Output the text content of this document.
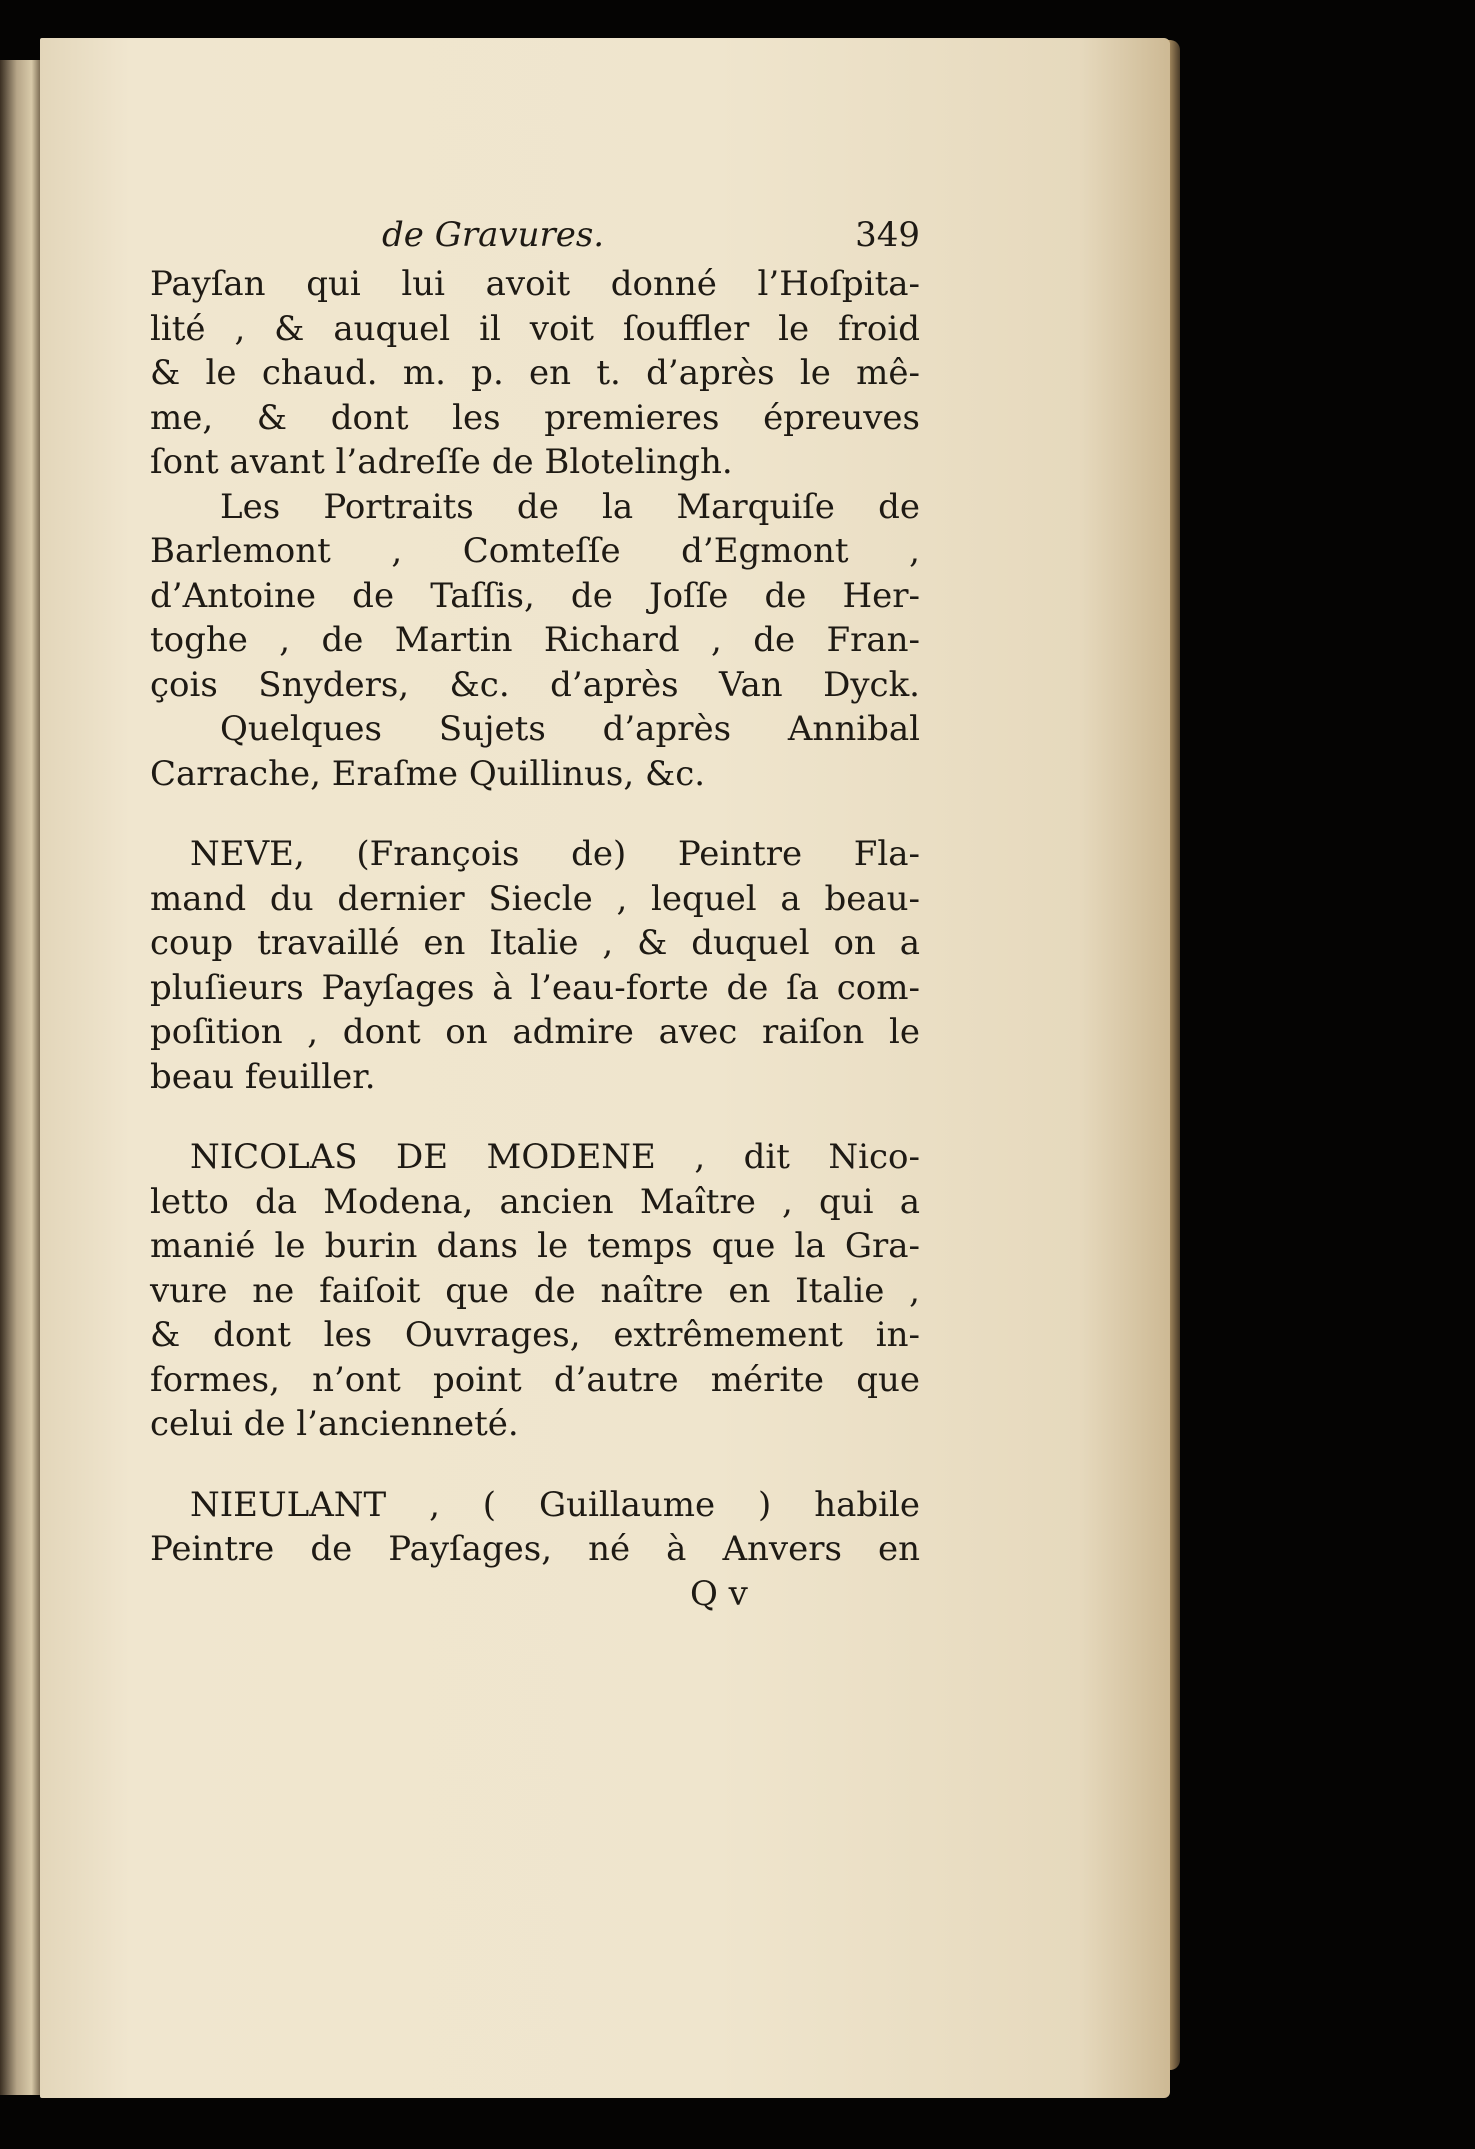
de Gravures.	349
Payſan qui lui avoit donné l’Hoſpita-
lité , & auquel il voit ſouffler le froid
& le chaud. m. p. en t. d’après le mê-
me, & dont les premieres épreuves
ſont avant l’adreſſe de Blotelingh.
Les Portraits de la Marquiſe de
Barlemont , Comteſſe d’Egmont ,
d’Antoine de Taſſis, de Joſſe de Her-
toghe , de Martin Richard , de Fran-
çois Snyders, &c. d’après Van Dyck.
Quelques Sujets d’après Annibal
Carrache, Eraſme Quillinus, &c.
NEVE, (François de) Peintre Fla-
mand du dernier Siecle , lequel a beau-
coup travaillé en Italie , & duquel on a
pluſieurs Payſages à l’eau-forte de ſa com-
poſition , dont on admire avec raiſon le
beau feuiller.
NICOLAS DE MODENE , dit Nico-
letto da Modena, ancien Maître , qui a
manié le burin dans le temps que la Gra-
vure ne faiſoit que de naître en Italie ,
& dont les Ouvrages, extrêmement in-
formes, n’ont point d’autre mérite que
celui de l’ancienneté.
NIEULANT , ( Guillaume ) habile
Peintre de Payſages, né à Anvers en
Q v
